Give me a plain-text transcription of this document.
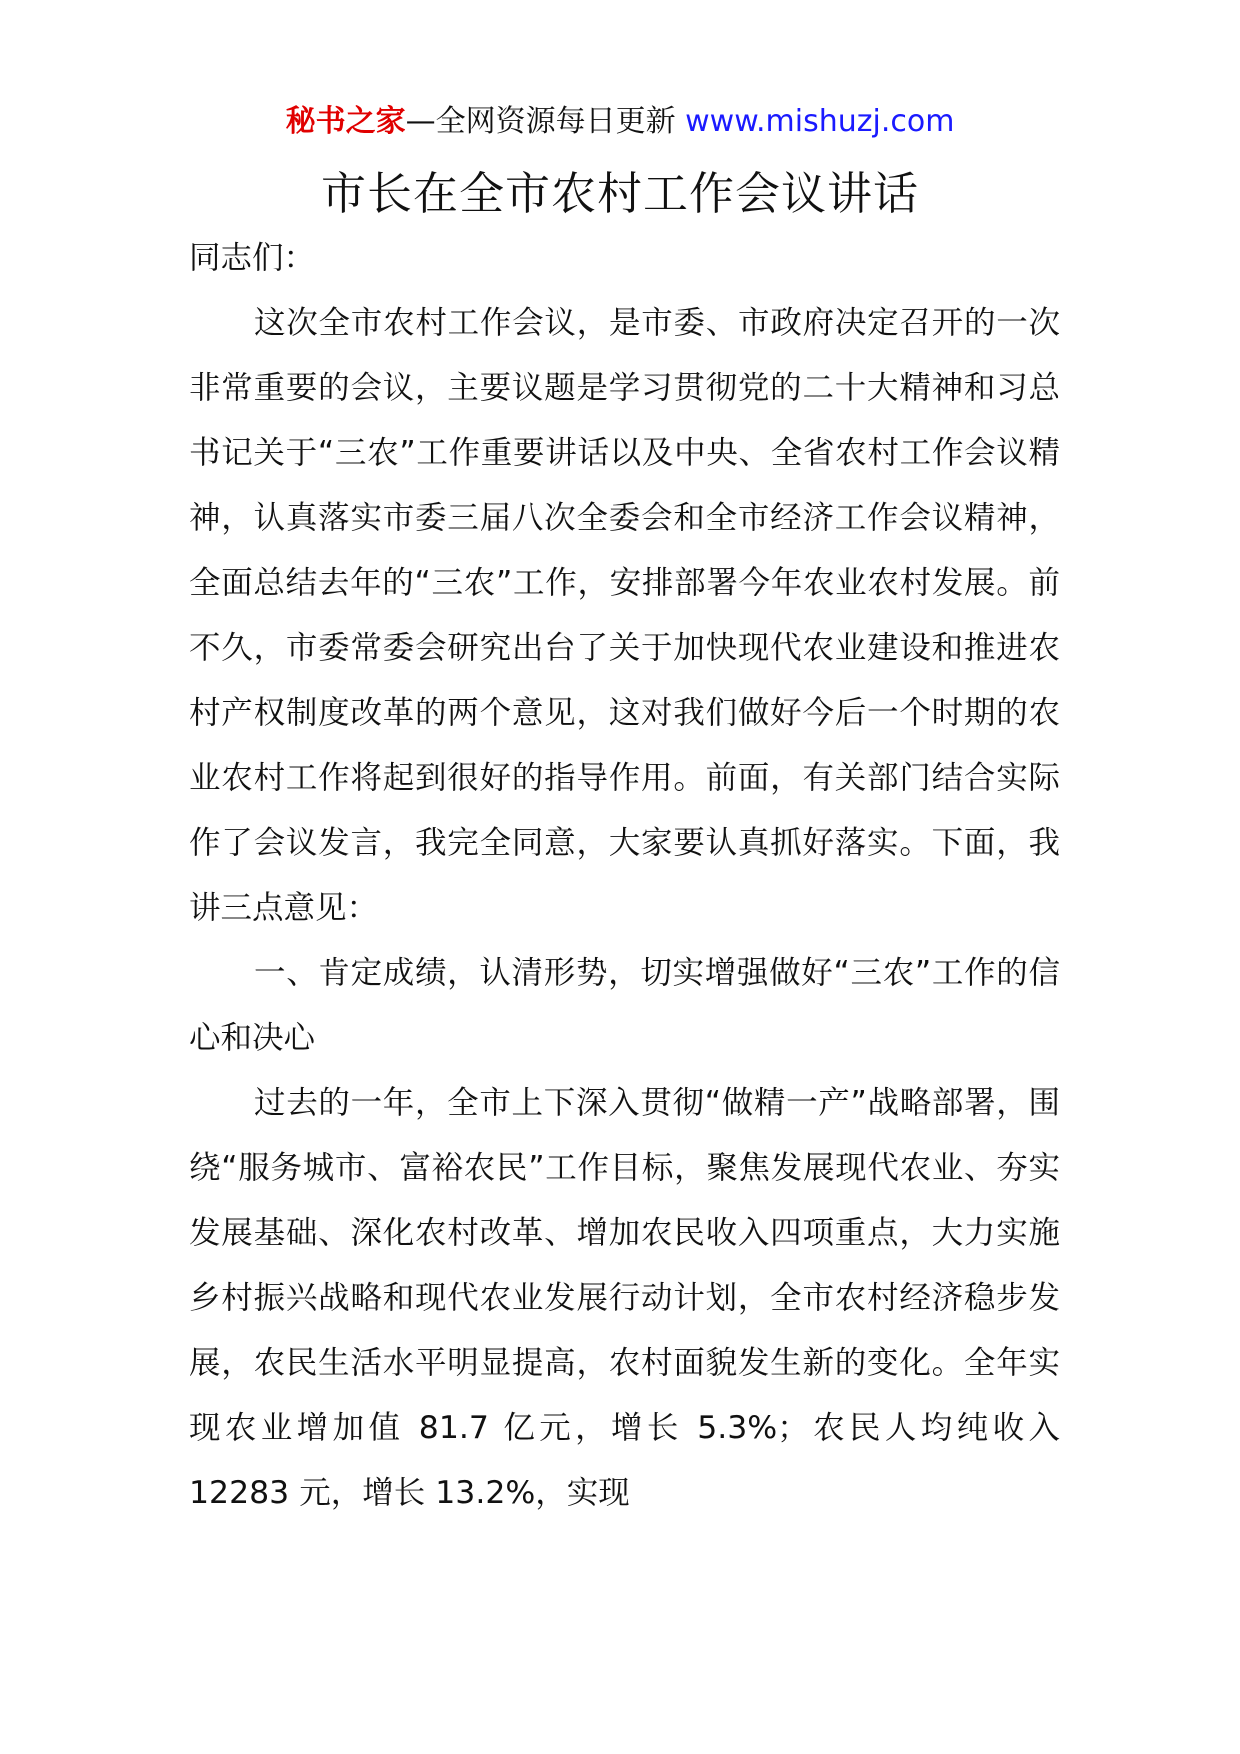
秘书之家—全网资源每日更新 www.mishuzj.com
市长在全市农村工作会议讲话

同志们：

这次全市农村工作会议，是市委、市政府决定召开的一次非常重要的会议，主要议题是学习贯彻党的二十大精神和习总书记关于“三农”工作重要讲话以及中央、全省农村工作会议精神，认真落实市委三届八次全委会和全市经济工作会议精神，全面总结去年的“三农”工作，安排部署今年农业农村发展。前不久，市委常委会研究出台了关于加快现代农业建设和推进农村产权制度改革的两个意见，这对我们做好今后一个时期的农业农村工作将起到很好的指导作用。前面，有关部门结合实际作了会议发言，我完全同意，大家要认真抓好落实。下面，我讲三点意见：

一、肯定成绩，认清形势，切实增强做好“三农”工作的信心和决心

过去的一年，全市上下深入贯彻“做精一产”战略部署，围绕“服务城市、富裕农民”工作目标，聚焦发展现代农业、夯实发展基础、深化农村改革、增加农民收入四项重点，大力实施乡村振兴战略和现代农业发展行动计划，全市农村经济稳步发展，农民生活水平明显提高，农村面貌发生新的变化。全年实现农业增加值 81.7 亿元，增长 5.3%；农民人均纯收入 12283 元，增长 13.2%，实现
